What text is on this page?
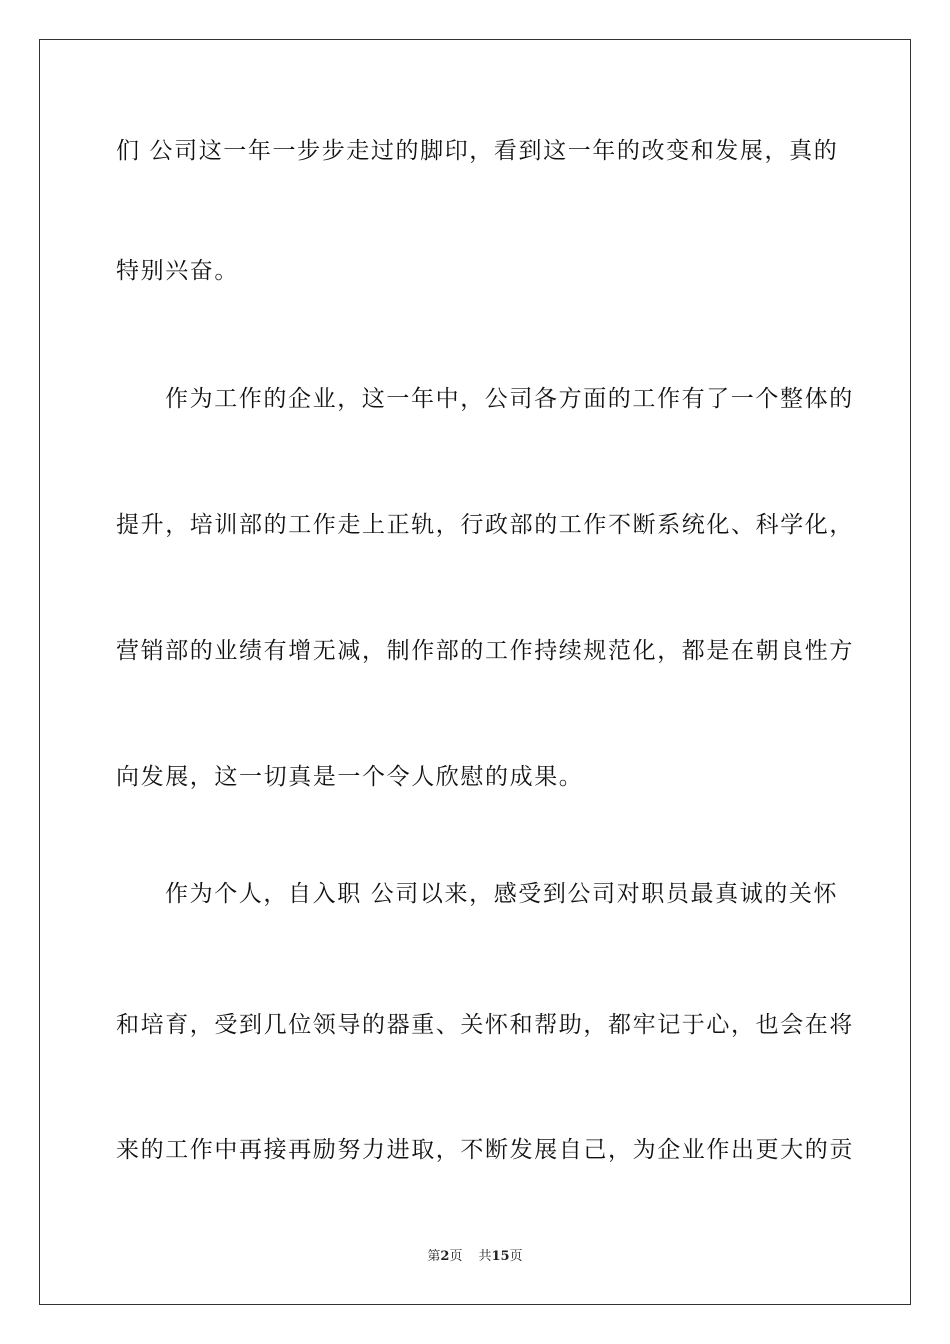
们 公司这一年一步步走过的脚印，看到这一年的改变和发展，真的
特别兴奋。
作为工作的企业，这一年中，公司各方面的工作有了一个整体的
提升，培训部的工作走上正轨，行政部的工作不断系统化、科学化，
营销部的业绩有增无减，制作部的工作持续规范化，都是在朝良性方
向发展，这一切真是一个令人欣慰的成果。
作为个人，自入职 公司以来，感受到公司对职员最真诚的关怀
和培育，受到几位领导的器重、关怀和帮助，都牢记于心，也会在将
来的工作中再接再励努力进取，不断发展自己，为企业作出更大的贡
第2页 共15页
